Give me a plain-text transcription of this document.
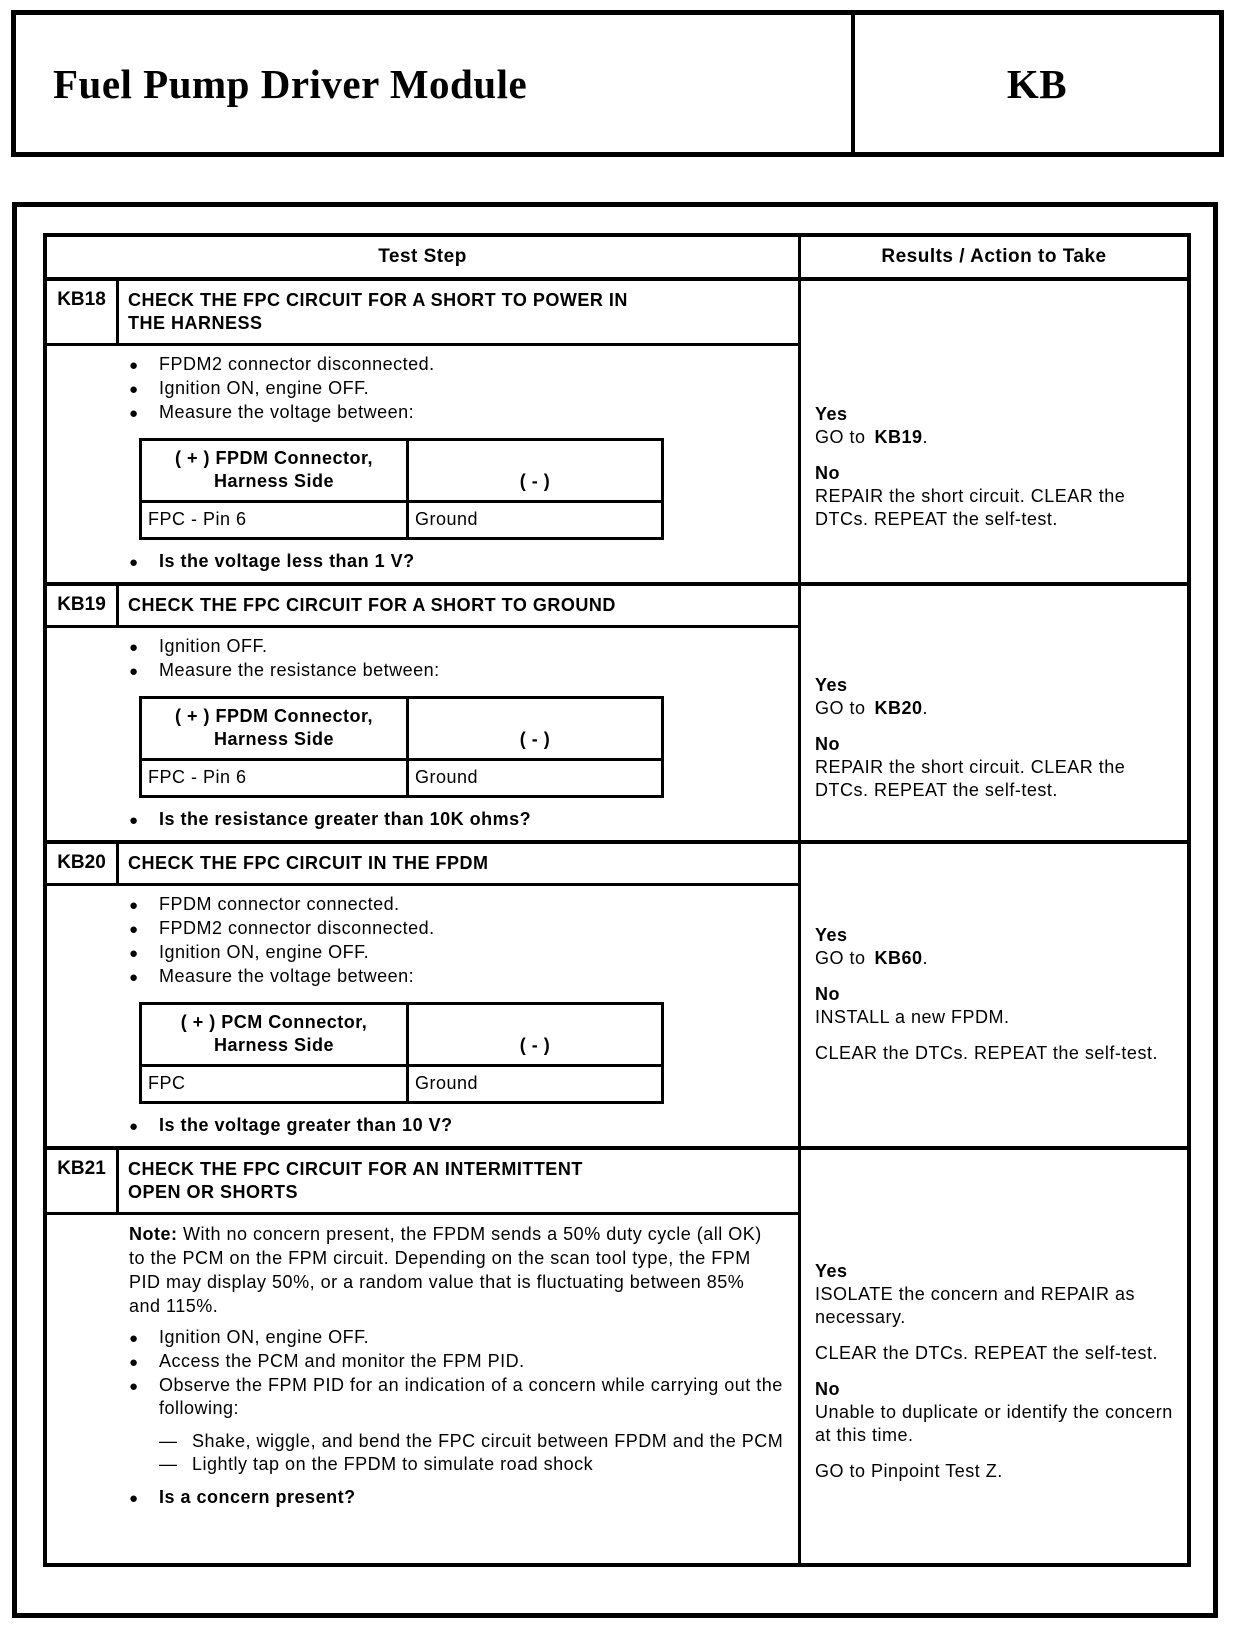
Fuel Pump Driver Module	KB
Test Step	Results / Action to Take
KB18	CHECK THE FPC CIRCUIT FOR A SHORT TO POWER IN
THE HARNESS
●	FPDM2 connector disconnected.
●	Ignition ON, engine OFF.
●	Measure the voltage between:
( + ) FPDM Connector, Harness Side	( - )
FPC - Pin 6	Ground
●	Is the voltage less than 1 V?
Yes
GO to KB19.
No
REPAIR the short circuit. CLEAR the DTCs. REPEAT the self-test.
KB19	CHECK THE FPC CIRCUIT FOR A SHORT TO GROUND
●	Ignition OFF.
●	Measure the resistance between:
( + ) FPDM Connector, Harness Side	( - )
FPC - Pin 6	Ground
●	Is the resistance greater than 10K ohms?
Yes
GO to KB20.
No
REPAIR the short circuit. CLEAR the DTCs. REPEAT the self-test.
KB20	CHECK THE FPC CIRCUIT IN THE FPDM
●	FPDM connector connected.
●	FPDM2 connector disconnected.
●	Ignition ON, engine OFF.
●	Measure the voltage between:
( + ) PCM Connector, Harness Side	( - )
FPC	Ground
●	Is the voltage greater than 10 V?
Yes
GO to KB60.
No
INSTALL a new FPDM.
CLEAR the DTCs. REPEAT the self-test.
KB21	CHECK THE FPC CIRCUIT FOR AN INTERMITTENT
OPEN OR SHORTS
Note: With no concern present, the FPDM sends a 50% duty cycle (all OK) to the PCM on the FPM circuit. Depending on the scan tool type, the FPM PID may display 50%, or a random value that is fluctuating between 85% and 115%.
●	Ignition ON, engine OFF.
●	Access the PCM and monitor the FPM PID.
●	Observe the FPM PID for an indication of a concern while carrying out the following:
— Shake, wiggle, and bend the FPC circuit between FPDM and the PCM
— Lightly tap on the FPDM to simulate road shock
●	Is a concern present?
Yes
ISOLATE the concern and REPAIR as necessary.
CLEAR the DTCs. REPEAT the self-test.
No
Unable to duplicate or identify the concern at this time.
GO to Pinpoint Test Z.
